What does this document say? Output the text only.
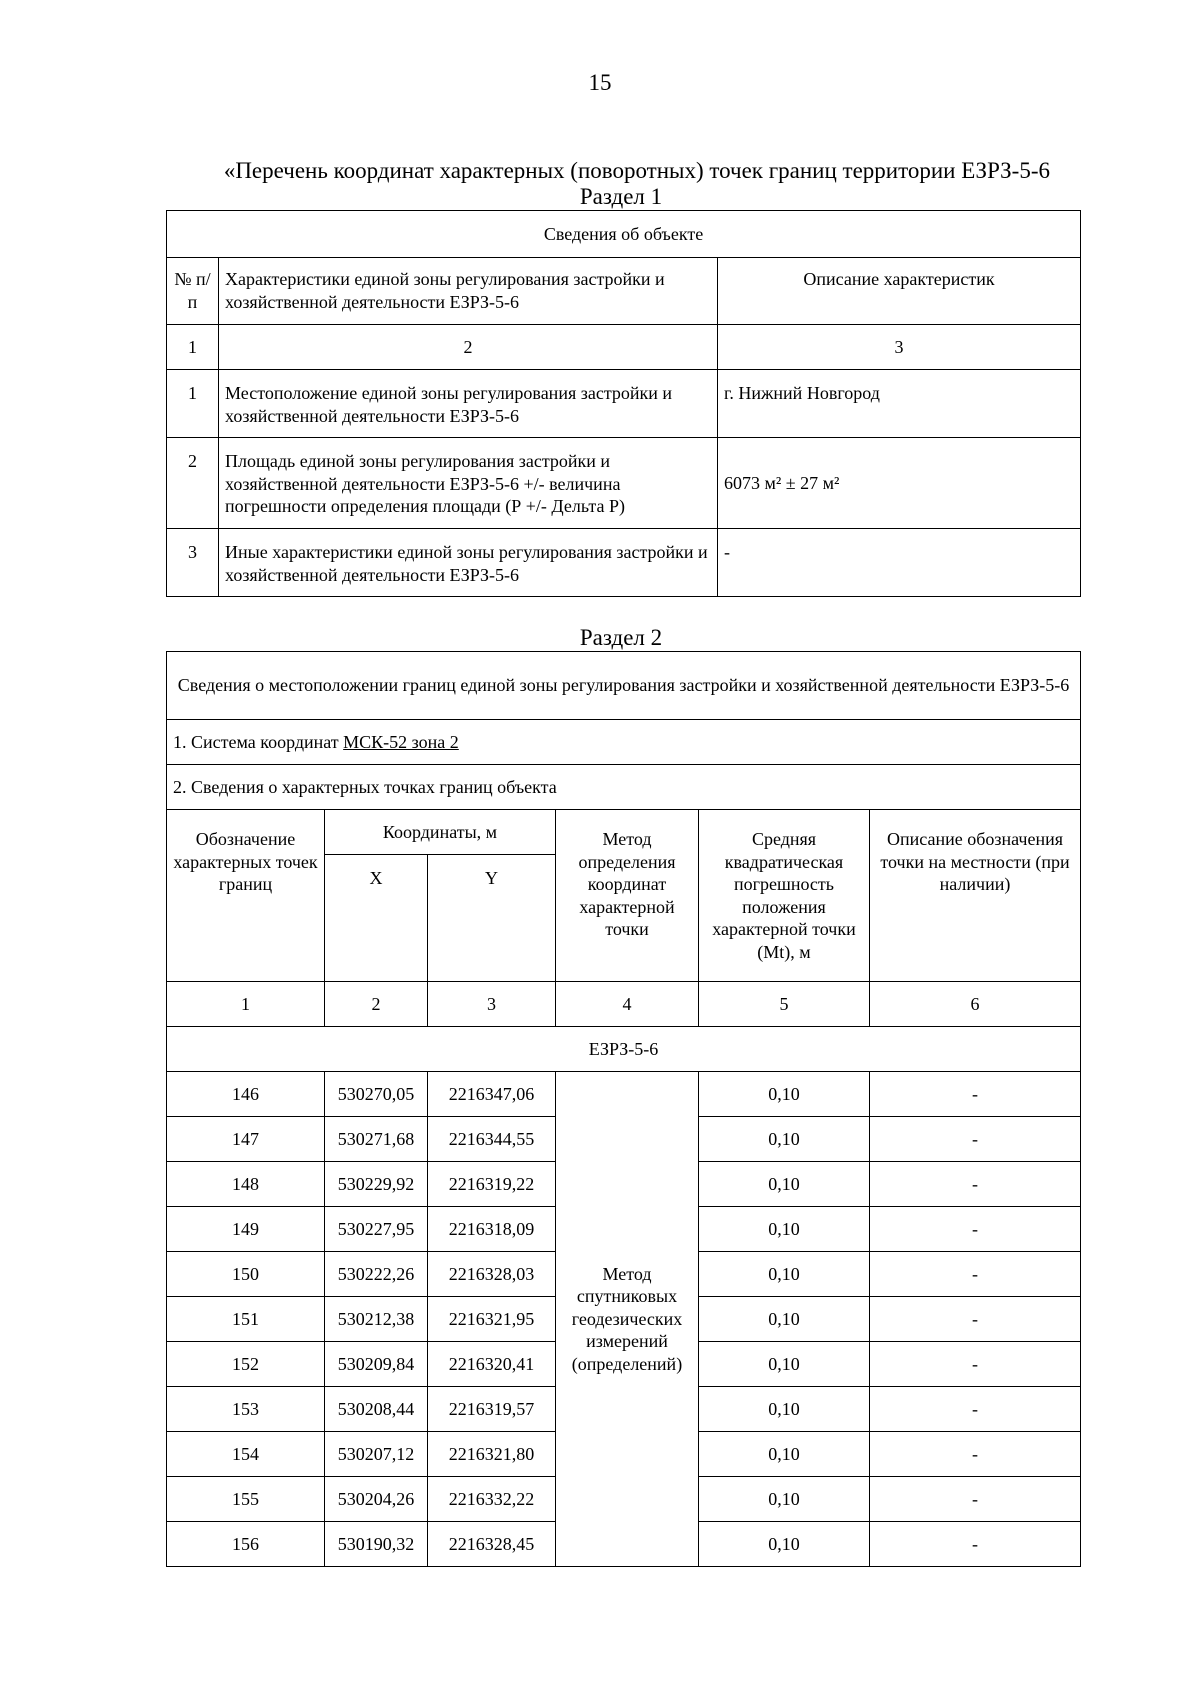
15
«Перечень координат характерных (поворотных) точек границ территории ЕЗРЗ-5-6
Раздел 1
Сведения об объекте		
№ п/п	Характеристики единой зоны регулирования застройки и хозяйственной деятельности ЕЗРЗ-5-6	Описание характеристик
1	2	3
1	Местоположение единой зоны регулирования застройки и хозяйственной деятельности ЕЗРЗ-5-6	г. Нижний Новгород
2	Площадь единой зоны регулирования застройки и хозяйственной деятельности ЕЗРЗ-5-6 +/- величина погрешности определения площади (Р +/- Дельта Р)	6073 м² ± 27 м²
3	Иные характеристики единой зоны регулирования застройки и хозяйственной деятельности ЕЗРЗ-5-6	-
Раздел 2
Сведения о местоположении границ единой зоны регулирования застройки и хозяйственной деятельности ЕЗРЗ-5-6					
1. Система координат МСК-52 зона 2					
2. Сведения о характерных точках границ объекта					
Обозначение характерных точек границ	Координаты, м		Метод определения координат характерной точки	Средняя квадратическая погрешность положения характерной точки (Mt), м	Описание обозначения точки на местности (при наличии)
	X	Y			
1	2	3	4	5	6
ЕЗРЗ-5-6					
146	530270,05	2216347,06	Метод спутниковых геодезических измерений (определений)	0,10	-
147	530271,68	2216344,55		0,10	-
148	530229,92	2216319,22		0,10	-
149	530227,95	2216318,09		0,10	-
150	530222,26	2216328,03		0,10	-
151	530212,38	2216321,95		0,10	-
152	530209,84	2216320,41		0,10	-
153	530208,44	2216319,57		0,10	-
154	530207,12	2216321,80		0,10	-
155	530204,26	2216332,22		0,10	-
156	530190,32	2216328,45		0,10	-
